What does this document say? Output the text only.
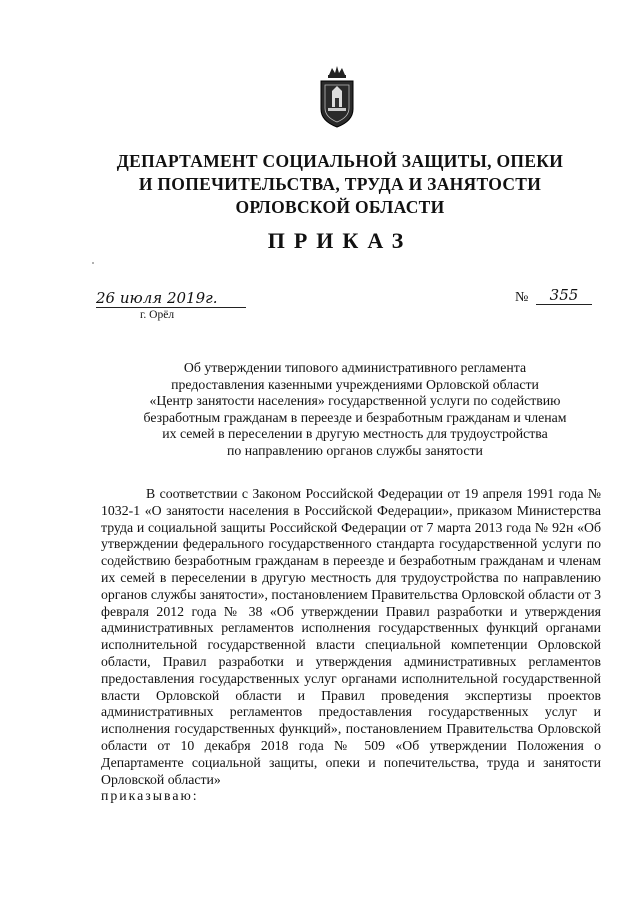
ДЕПАРТАМЕНТ СОЦИАЛЬНОЙ ЗАЩИТЫ, ОПЕКИ
И ПОПЕЧИТЕЛЬСТВА, ТРУДА И ЗАНЯТОСТИ
ОРЛОВСКОЙ ОБЛАСТИ
ПРИКАЗ
26 июля 2019г.
г. Орёл
№	355
Об утверждении типового административного регламента
предоставления казенными учреждениями Орловской области
«Центр занятости населения» государственной услуги по содействию
безработным гражданам в переезде и безработным гражданам и членам
их семей в переселении в другую местность для трудоустройства
по направлению органов службы занятости

В соответствии с Законом Российской Федерации от 19 апреля 1991 года № 1032-1 «О занятости населения в Российской Федерации», приказом Министерства труда и социальной защиты Российской Федерации от 7 марта 2013 года № 92н «Об утверждении федерального государственного стандарта государственной услуги по содействию безработным гражданам в переезде и безработным гражданам и членам их семей в переселении в другую местность для трудоустройства по направлению органов службы занятости», постановлением Правительства Орловской области от 3 февраля 2012 года № 38 «Об утверждении Правил разработки и утверждения административных регламентов исполнения государственных функций органами исполнительной государственной власти специальной компетенции Орловской области, Правил разработки и утверждения административных регламентов предоставления государственных услуг органами исполнительной государственной власти Орловской области и Правил проведения экспертизы проектов административных регламентов предоставления государственных услуг и исполнения государственных функций», постановлением Правительства Орловской области от 10 декабря 2018 года № 509 «Об утверждении Положения о Департаменте социальной защиты, опеки и попечительства, труда и занятости Орловской области»
приказываю:
